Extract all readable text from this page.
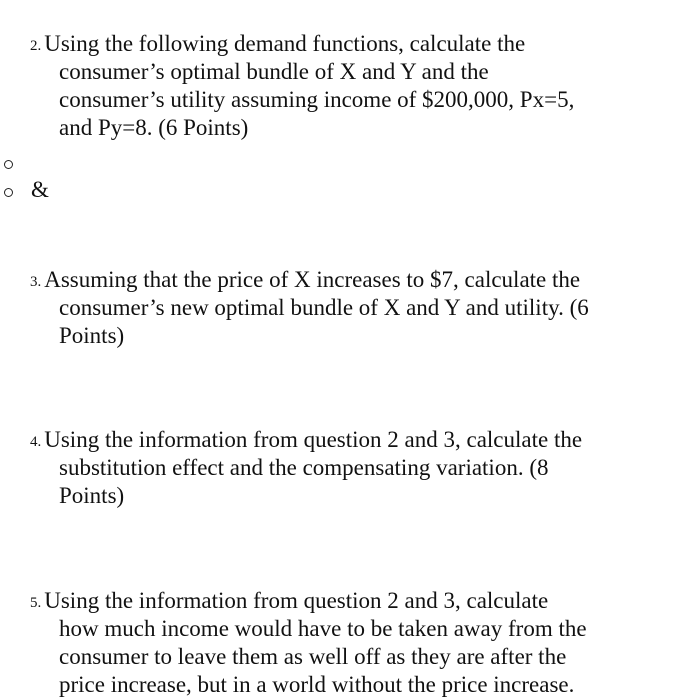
2. Using the following demand functions, calculate the
consumer’s optimal bundle of X and Y and the
consumer’s utility assuming income of $200,000, Px=5,
and Py=8. (6 Points)
&
3. Assuming that the price of X increases to $7, calculate the
consumer’s new optimal bundle of X and Y and utility. (6
Points)
4. Using the information from question 2 and 3, calculate the
substitution effect and the compensating variation. (8
Points)
5. Using the information from question 2 and 3, calculate
how much income would have to be taken away from the
consumer to leave them as well off as they are after the
price increase, but in a world without the price increase.
